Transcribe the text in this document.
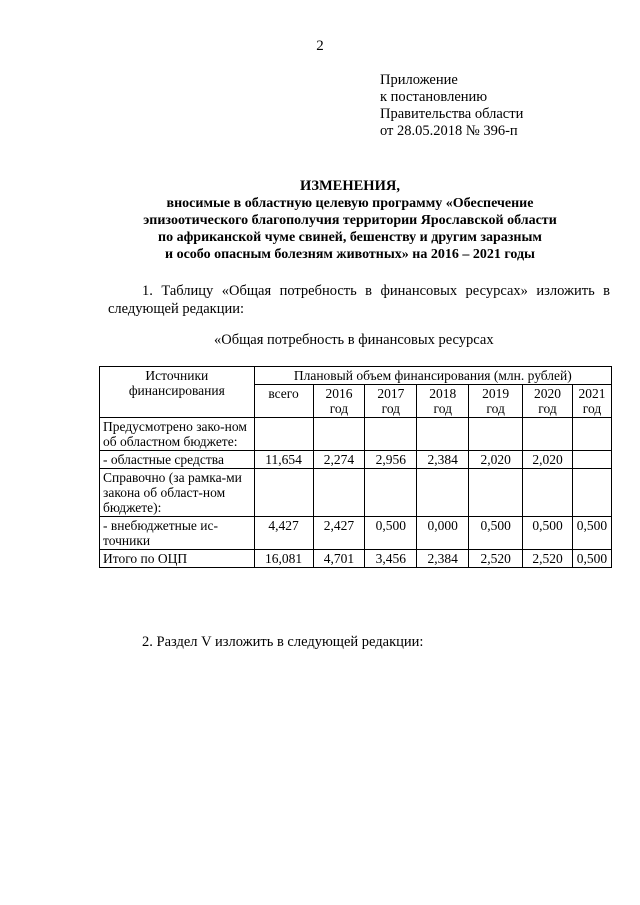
2
Приложение
к постановлению
Правительства области
от 28.05.2018 № 396-п
ИЗМЕНЕНИЯ,
вносимые в областную целевую программу «Обеспечение
эпизоотического благополучия территории Ярославской области
по африканской чуме свиней, бешенству и другим заразным
и особо опасным болезням животных» на 2016 – 2021 годы
1. Таблицу «Общая потребность в финансовых ресурсах» изложить в следующей редакции:
«Общая потребность в финансовых ресурсах
Источники финансирования	Плановый объем финансирования (млн. рублей)						
	всего	2016 год	2017 год	2018 год	2019 год	2020 год	2021 год
Предусмотрено зако-ном об областном бюджете:							
- областные средства	11,654	2,274	2,956	2,384	2,020	2,020	
Справочно (за рамка-ми закона об област-ном бюджете):							
- внебюджетные ис-точники	4,427	2,427	0,500	0,000	0,500	0,500	0,500
Итого по ОЦП	16,081	4,701	3,456	2,384	2,520	2,520	0,500
2. Раздел V изложить в следующей редакции:
